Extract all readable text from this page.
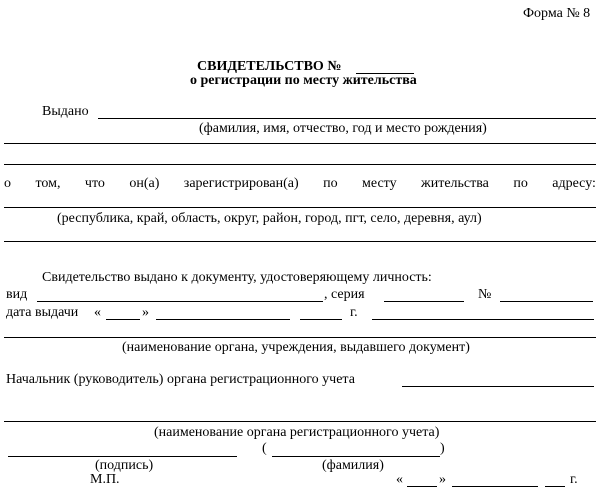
Форма № 8
СВИДЕТЕЛЬСТВО №
о регистрации по месту жительства
Выдано
(фамилия, имя, отчество, год и место рождения)
о том, что он(а) зарегистрирован(а) по месту жительства по адресу:
(республика, край, область, округ, район, город, пгт, село, деревня, аул)
Свидетельство выдано к документу, удостоверяющему личность:
вид	, серия	№
дата выдачи «	»	г.
(наименование органа, учреждения, выдавшего документ)
Начальник (руководитель) органа регистрационного учета
(наименование органа регистрационного учета)
(	)
(подпись)	(фамилия)
М.П.	«	»	г.
